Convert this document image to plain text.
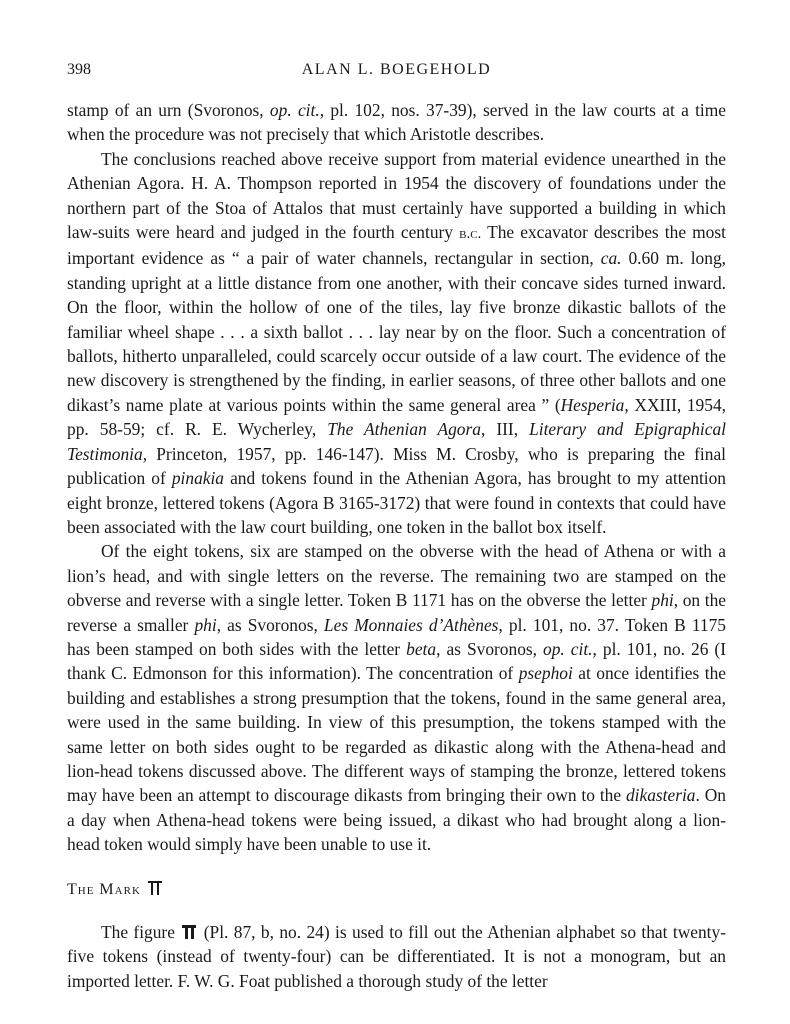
398	ALAN L. BOEGEHOLD

stamp of an urn (Svoronos, op. cit., pl. 102, nos. 37-39), served in the law courts at a time when the procedure was not precisely that which Aristotle describes.

The conclusions reached above receive support from material evidence unearthed in the Athenian Agora. H. A. Thompson reported in 1954 the discovery of foundations under the northern part of the Stoa of Attalos that must certainly have supported a building in which law-suits were heard and judged in the fourth century b.c. The excavator describes the most important evidence as “ a pair of water channels, rectangular in section, ca. 0.60 m. long, standing upright at a little distance from one another, with their concave sides turned inward. On the floor, within the hollow of one of the tiles, lay five bronze dikastic ballots of the familiar wheel shape . . . a sixth ballot . . . lay near by on the floor. Such a concentration of ballots, hitherto unparalleled, could scarcely occur outside of a law court. The evidence of the new discovery is strengthened by the finding, in earlier seasons, of three other ballots and one dikast’s name plate at various points within the same general area ” (Hesperia, XXIII, 1954, pp. 58-59; cf. R. E. Wycherley, The Athenian Agora, III, Literary and Epigraphical Testimonia, Princeton, 1957, pp. 146-147). Miss M. Crosby, who is preparing the final publication of pinakia and tokens found in the Athenian Agora, has brought to my attention eight bronze, lettered tokens (Agora B 3165-3172) that were found in contexts that could have been associated with the law court building, one token in the ballot box itself.

Of the eight tokens, six are stamped on the obverse with the head of Athena or with a lion’s head, and with single letters on the reverse. The remaining two are stamped on the obverse and reverse with a single letter. Token B 1171 has on the obverse the letter phi, on the reverse a smaller phi, as Svoronos, Les Monnaies d’Athènes, pl. 101, no. 37. Token B 1175 has been stamped on both sides with the letter beta, as Svoronos, op. cit., pl. 101, no. 26 (I thank C. Edmonson for this information). The concentration of psephoi at once identifies the building and establishes a strong presumption that the tokens, found in the same general area, were used in the same building. In view of this presumption, the tokens stamped with the same letter on both sides ought to be regarded as dikastic along with the Athena-head and lion-head tokens discussed above. The different ways of stamping the bronze, lettered tokens may have been an attempt to discourage dikasts from bringing their own to the dikasteria. On a day when Athena-head tokens were being issued, a dikast who had brought along a lion-head token would simply have been unable to use it.

The Mark

The figure  (Pl. 87, b, no. 24) is used to fill out the Athenian alphabet so that twenty-five tokens (instead of twenty-four) can be differentiated. It is not a monogram, but an imported letter. F. W. G. Foat published a thorough study of the letter
